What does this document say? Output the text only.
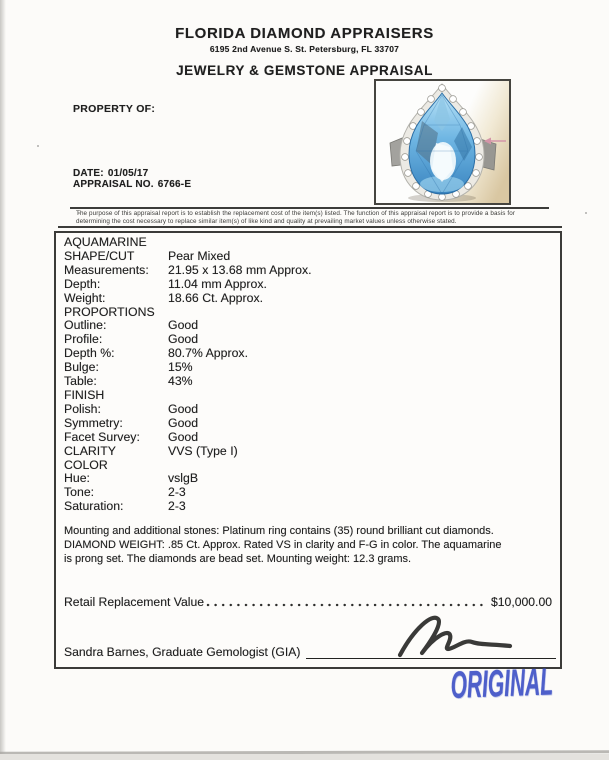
FLORIDA DIAMOND APPRAISERS
6195 2nd Avenue S. St. Petersburg, FL 33707
JEWELRY & GEMSTONE APPRAISAL
PROPERTY OF:
DATE: 01/05/17
APPRAISAL NO. 6766-E
The purpose of this appraisal report is to establish the replacement cost of the item(s) listed. The function of this appraisal report is to provide a basis for determining the cost necessary to replace similar item(s) of like kind and quality at prevailing market values unless otherwise stated.
AQUAMARINE
SHAPE/CUT	Pear Mixed
Measurements:	21.95 x 13.68 mm Approx.
Depth:	11.04 mm Approx.
Weight:	18.66 Ct. Approx.
PROPORTIONS
Outline:	Good
Profile:	Good
Depth %:	80.7% Approx.
Bulge:	15%
Table:	43%
FINISH
Polish:	Good
Symmetry:	Good
Facet Survey:	Good
CLARITY	VVS (Type I)
COLOR
Hue:	vslgB
Tone:	2-3
Saturation:	2-3
Mounting and additional stones: Platinum ring contains (35) round brilliant cut diamonds.
DIAMOND WEIGHT: .85 Ct. Approx. Rated VS in clarity and F-G in color. The aquamarine
is prong set. The diamonds are bead set. Mounting weight: 12.3 grams.
Retail Replacement Value	$10,000.00
Sandra Barnes, Graduate Gemologist (GIA)
ORIGINAL
